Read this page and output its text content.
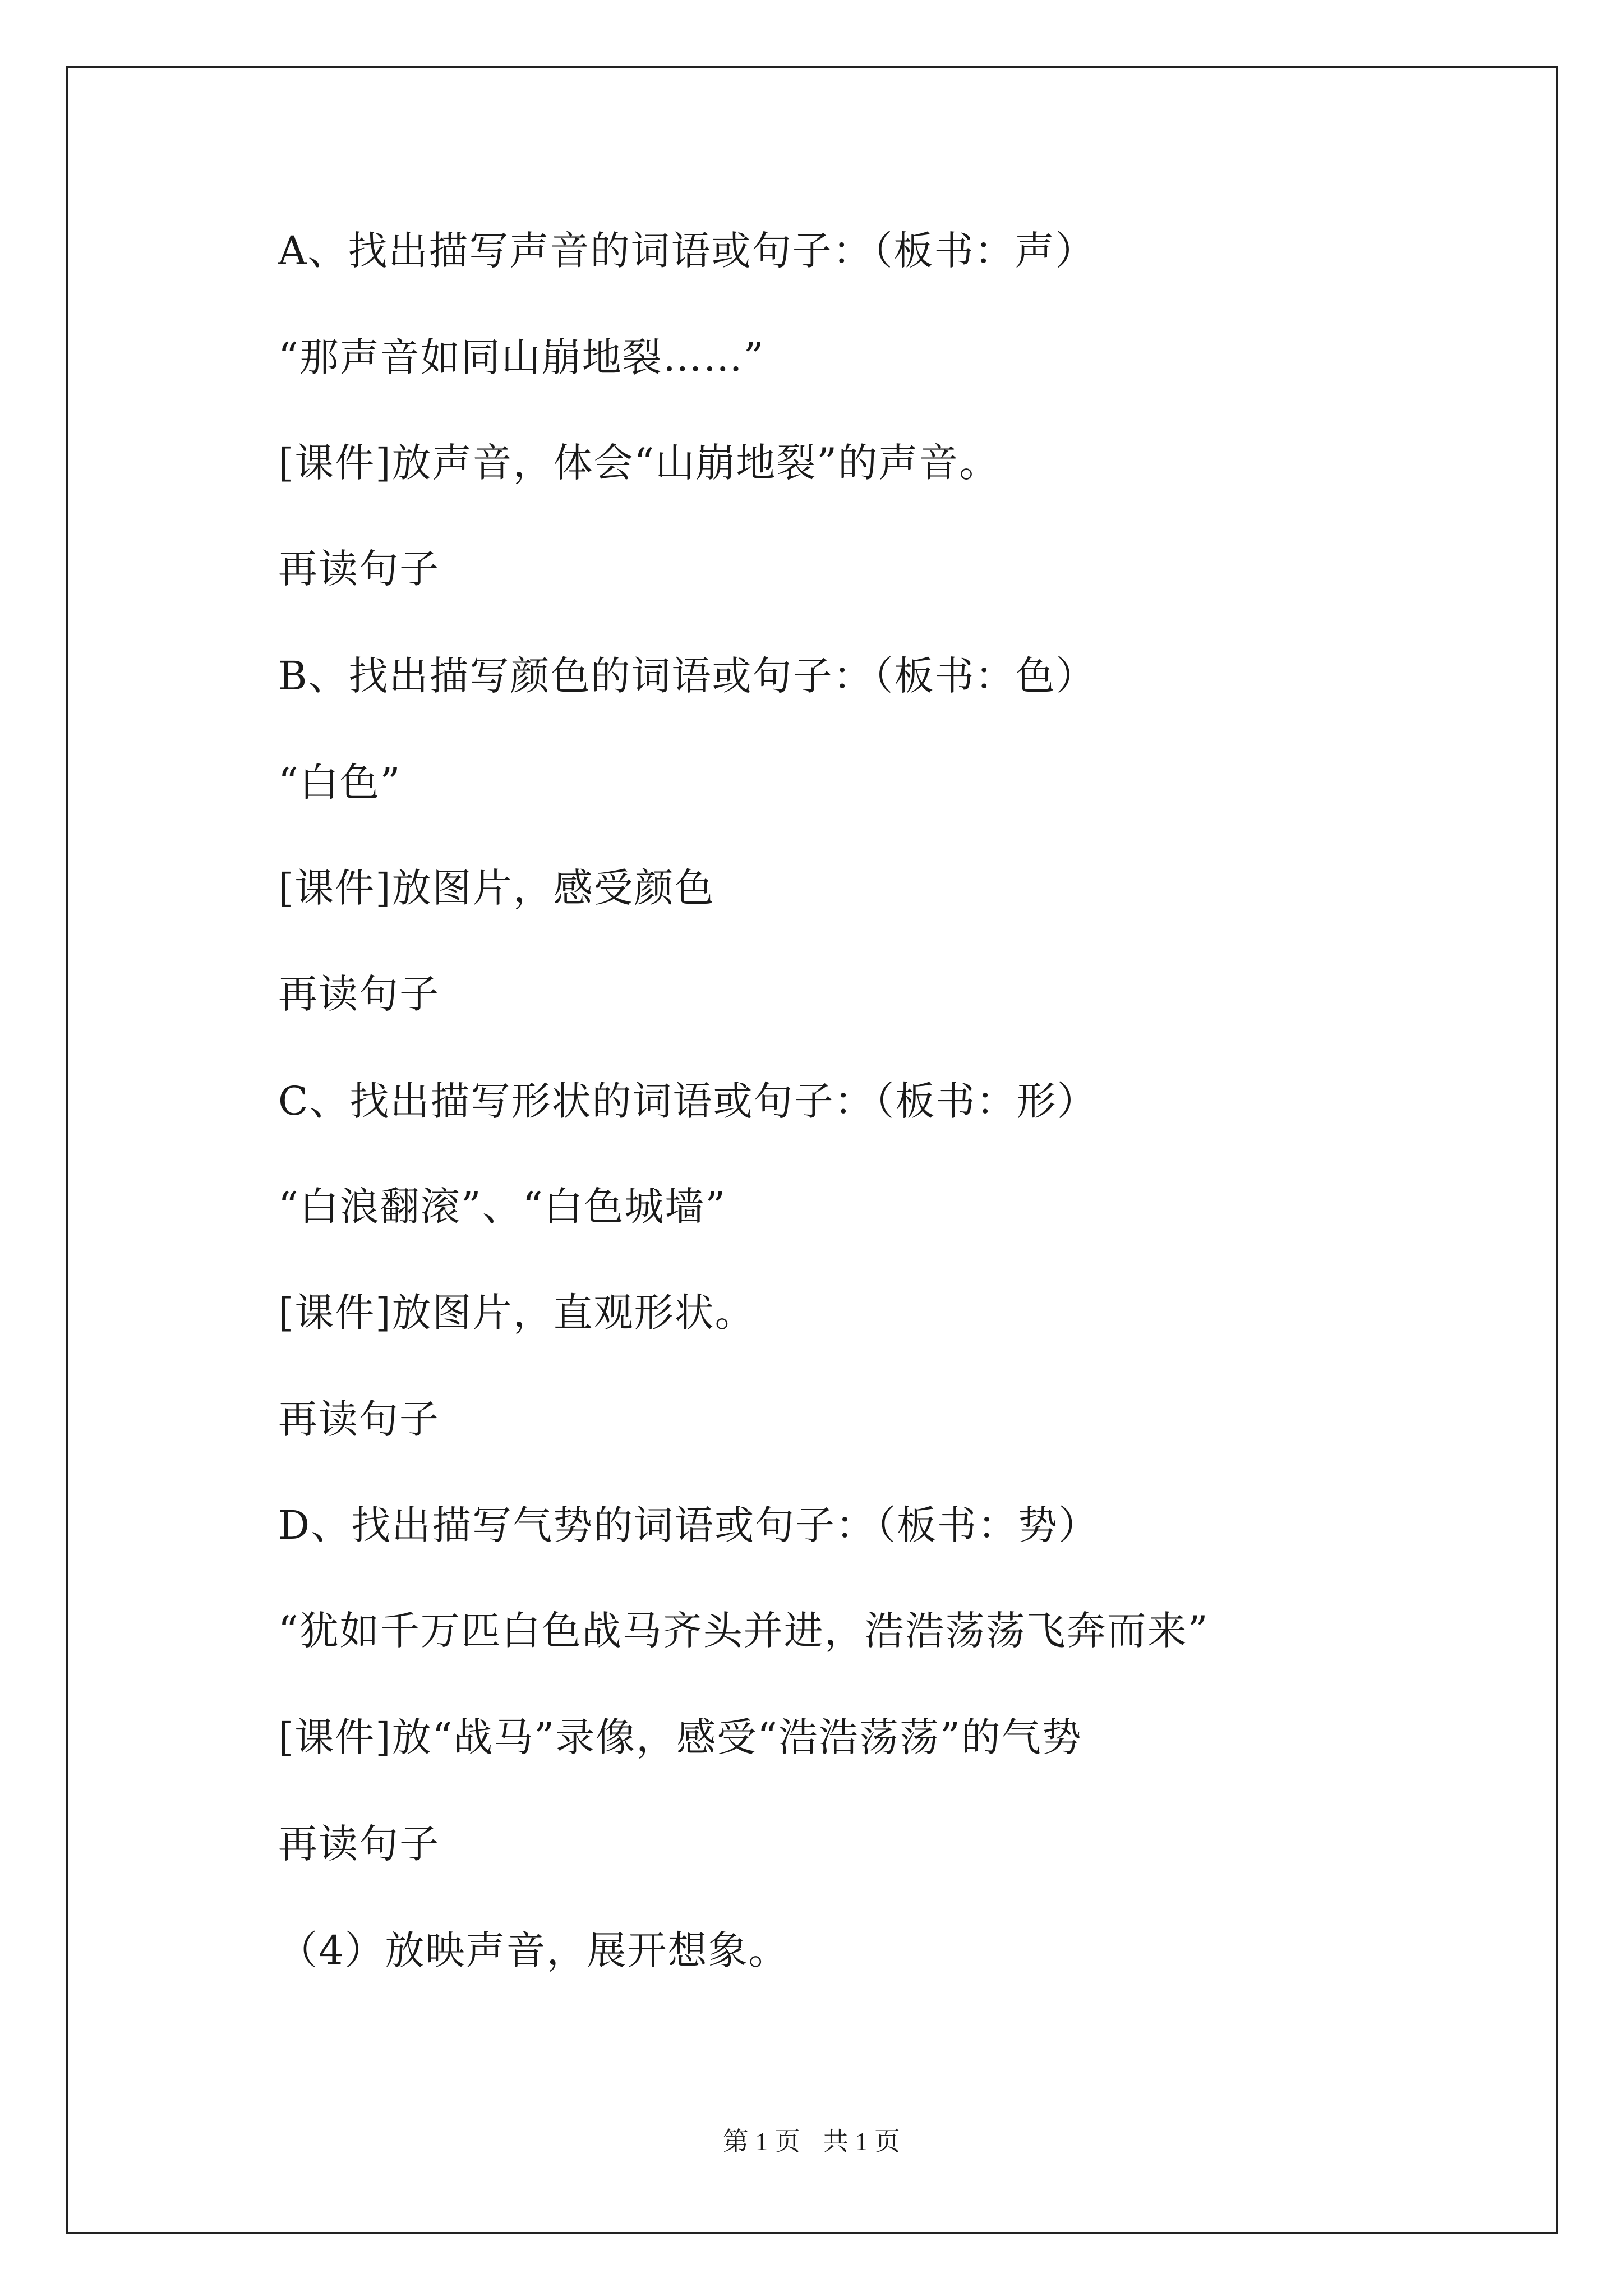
A、找出描写声音的词语或句子：（板书：声）
“那声音如同山崩地裂……”
[课件]放声音，体会“山崩地裂”的声音。
再读句子
B、找出描写颜色的词语或句子：（板书：色）
“白色”
[课件]放图片，感受颜色
再读句子
C、找出描写形状的词语或句子：（板书：形）
“白浪翻滚”、“白色城墙”
[课件]放图片，直观形状。
再读句子
D、找出描写气势的词语或句子：（板书：势）
“犹如千万匹白色战马齐头并进，浩浩荡荡飞奔而来”
[课件]放“战马”录像，感受“浩浩荡荡”的气势
再读句子
（4）放映声音，展开想象。
第 1 页 共 1 页
